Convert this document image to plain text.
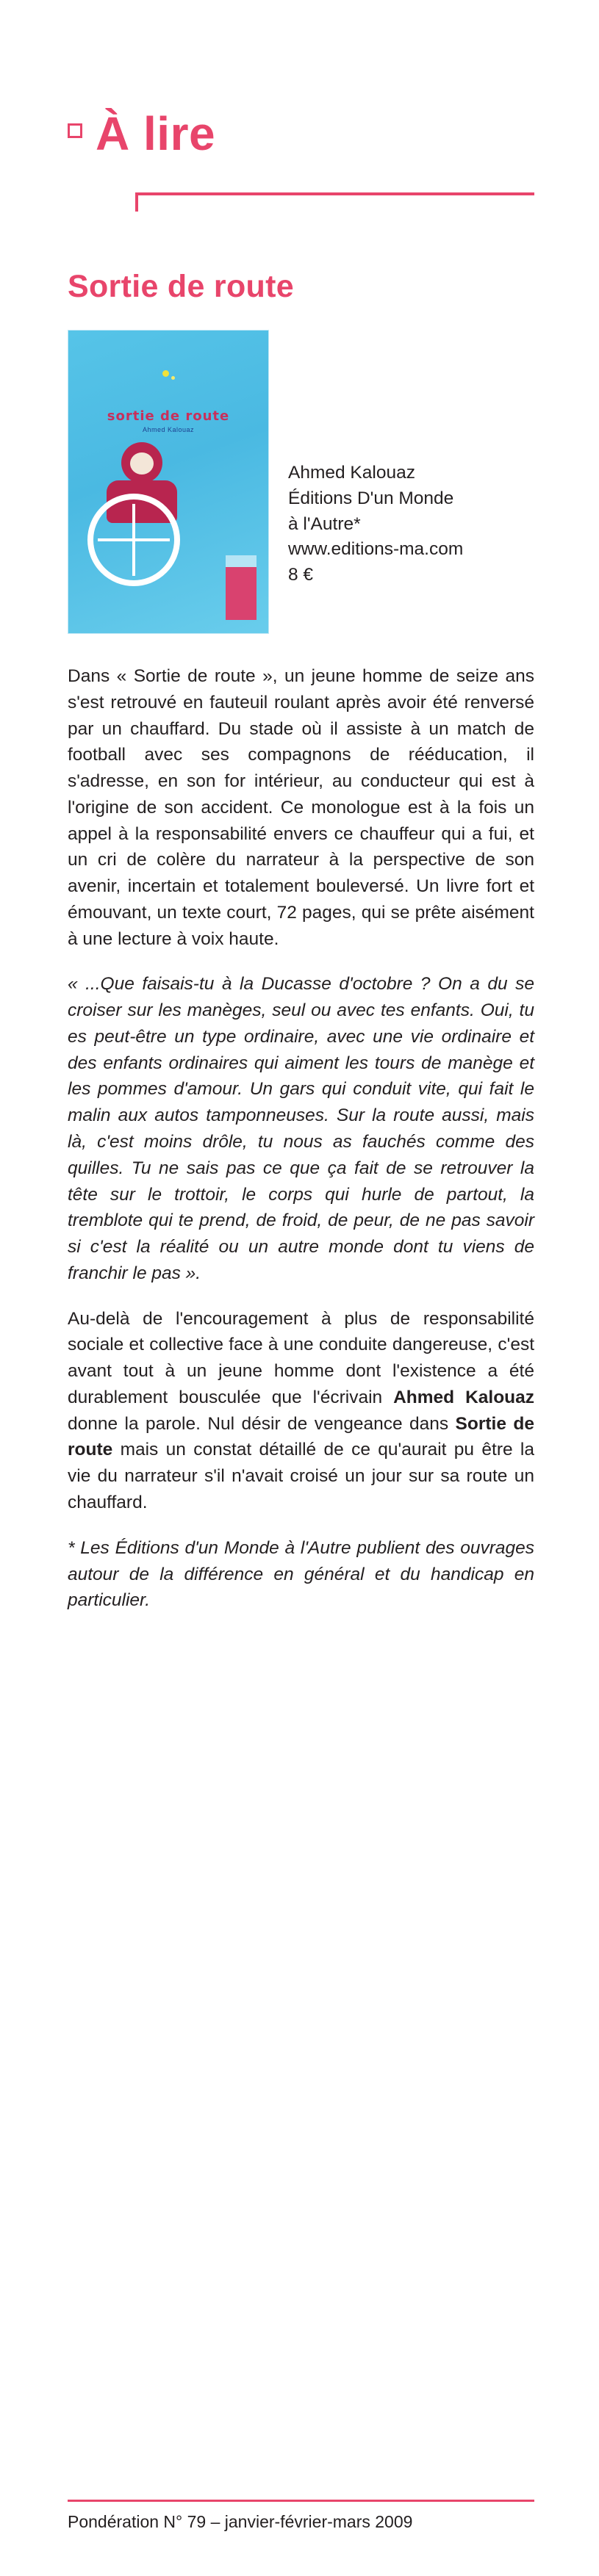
À lire
Sortie de route
sortie de route
Ahmed Kalouaz
Ahmed Kalouaz
Éditions D'un Monde
à l'Autre*
www.editions-ma.com
8 €

Dans « Sortie de route », un jeune homme de seize ans s'est retrouvé en fauteuil roulant après avoir été renversé par un chauffard. Du stade où il assiste à un match de football avec ses compagnons de rééducation, il s'adresse, en son for intérieur, au conducteur qui est à l'origine de son accident. Ce monologue est à la fois un appel à la responsabilité envers ce chauffeur qui a fui, et un cri de colère du narrateur à la perspective de son avenir, incertain et totalement bouleversé. Un livre fort et émouvant, un texte court, 72 pages, qui se prête aisément à une lecture à voix haute.

« ...Que faisais-tu à la Ducasse d'octobre ? On a du se croiser sur les manèges, seul ou avec tes enfants. Oui, tu es peut-être un type ordinaire, avec une vie ordinaire et des enfants ordinaires qui aiment les tours de manège et les pommes d'amour. Un gars qui conduit vite, qui fait le malin aux autos tamponneuses. Sur la route aussi, mais là, c'est moins drôle, tu nous as fauchés comme des quilles. Tu ne sais pas ce que ça fait de se retrouver la tête sur le trottoir, le corps qui hurle de partout, la tremblote qui te prend, de froid, de peur, de ne pas savoir si c'est la réalité ou un autre monde dont tu viens de franchir le pas ».

Au-delà de l'encouragement à plus de responsabilité sociale et collective face à une conduite dangereuse, c'est avant tout à un jeune homme dont l'existence a été durablement bousculée que l'écrivain Ahmed Kalouaz donne la parole. Nul désir de vengeance dans Sortie de route mais un constat détaillé de ce qu'aurait pu être la vie du narrateur s'il n'avait croisé un jour sur sa route un chauffard.

* Les Éditions d'un Monde à l'Autre publient des ouvrages autour de la différence en général et du handicap en particulier.

Pondération N° 79 – janvier-février-mars 2009
